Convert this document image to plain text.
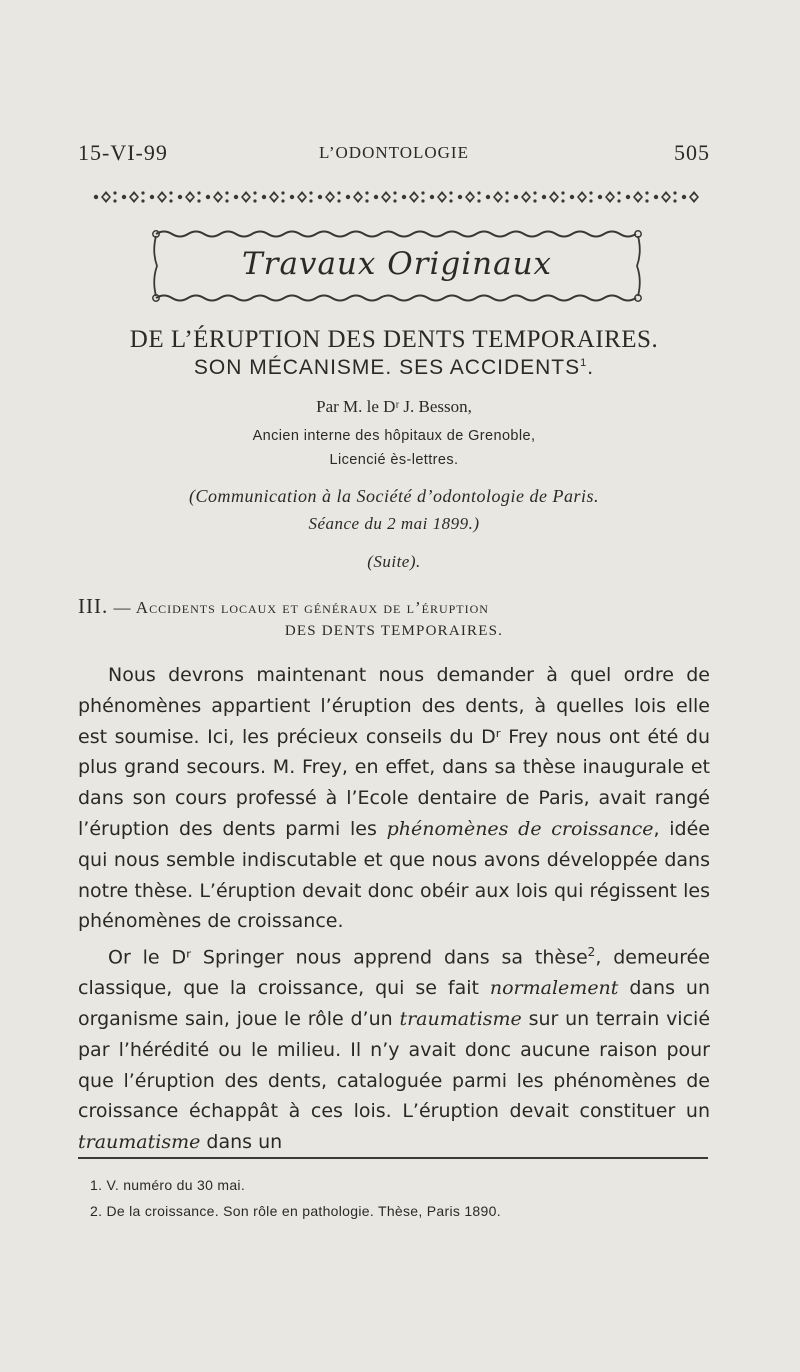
15-VI-99	L’ODONTOLOGIE	505
Travaux Originaux
DE L’ÉRUPTION DES DENTS TEMPORAIRES.
SON MÉCANISME. SES ACCIDENTS$^1$.
Par M. le Dʳ J. Besson,
Ancien interne des hôpitaux de Grenoble,
Licencié ès-lettres.
(Communication à la Société d’odontologie de Paris.
Séance du 2 mai 1899.)
(Suite).
III. — Accidents locaux et généraux de l’éruption
DES DENTS TEMPORAIRES.

Nous devrons maintenant nous demander à quel ordre de phénomènes appartient l’éruption des dents, à quelles lois elle est soumise. Ici, les précieux conseils du Dʳ Frey nous ont été du plus grand secours. M. Frey, en effet, dans sa thèse inaugurale et dans son cours professé à l’Ecole dentaire de Paris, avait rangé l’éruption des dents parmi les phénomènes de croissance, idée qui nous semble indiscutable et que nous avons développée dans notre thèse. L’éruption devait donc obéir aux lois qui régissent les phénomènes de croissance.

Or le Dʳ Springer nous apprend dans sa thèse$^2$, demeurée classique, que la croissance, qui se fait normalement dans un organisme sain, joue le rôle d’un traumatisme sur un terrain vicié par l’hérédité ou le milieu. Il n’y avait donc aucune raison pour que l’éruption des dents, cataloguée parmi les phénomènes de croissance échappât à ces lois. L’éruption devait constituer un traumatisme dans un

1. V. numéro du 30 mai.
2. De la croissance. Son rôle en pathologie. Thèse, Paris 1890.
